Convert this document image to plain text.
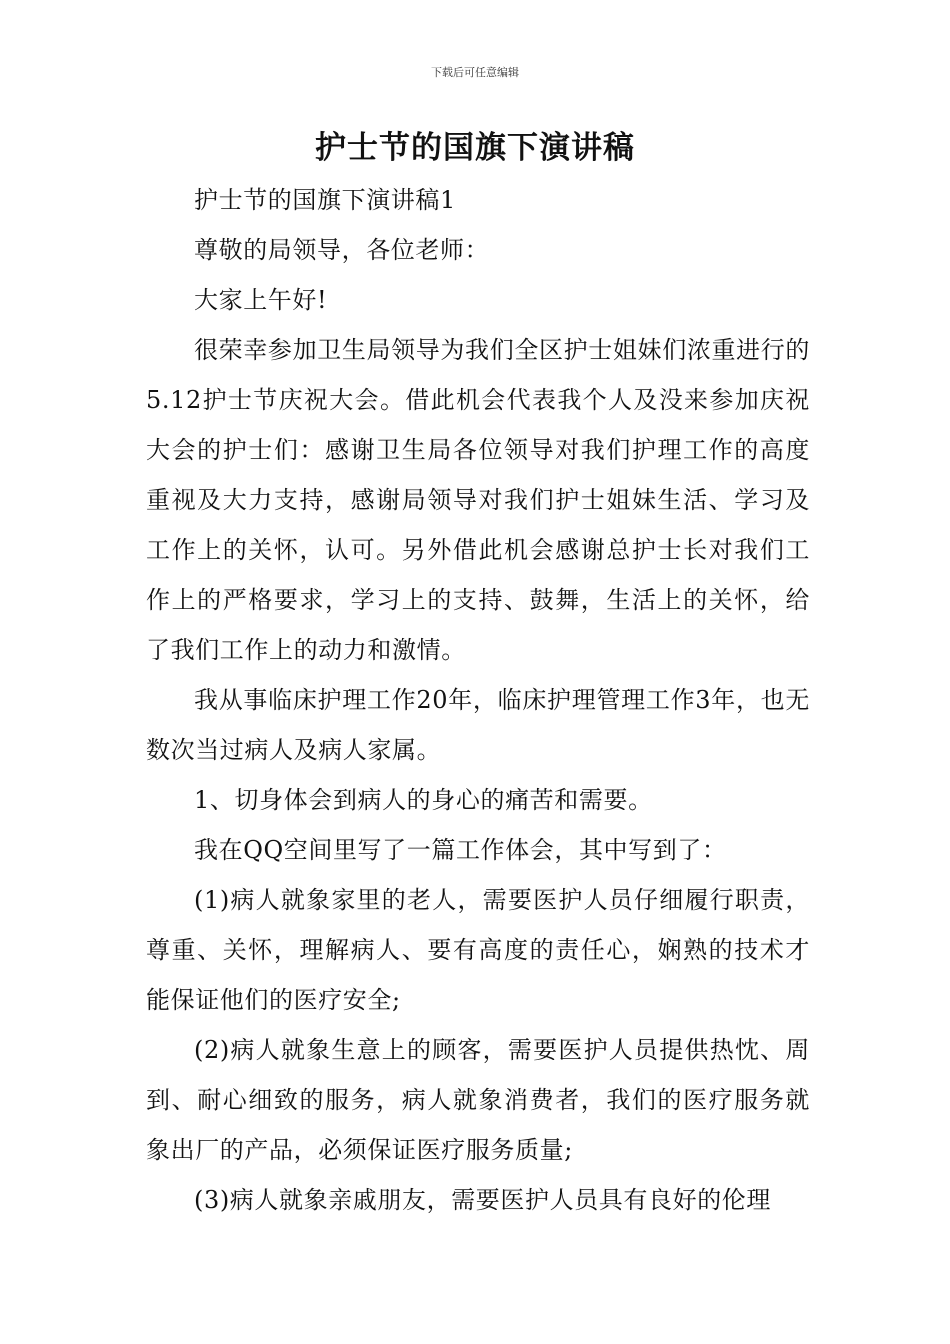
下载后可任意编辑
护士节的国旗下演讲稿

护士节的国旗下演讲稿1

尊敬的局领导，各位老师：

大家上午好!

很荣幸参加卫生局领导为我们全区护士姐妹们浓重进行的5.12护士节庆祝大会。借此机会代表我个人及没来参加庆祝大会的护士们：感谢卫生局各位领导对我们护理工作的高度重视及大力支持，感谢局领导对我们护士姐妹生活、学习及工作上的关怀，认可。另外借此机会感谢总护士长对我们工作上的严格要求，学习上的支持、鼓舞，生活上的关怀，给了我们工作上的动力和激情。

我从事临床护理工作20年，临床护理管理工作3年，也无数次当过病人及病人家属。

1、切身体会到病人的身心的痛苦和需要。

我在QQ空间里写了一篇工作体会，其中写到了：

(1)病人就象家里的老人，需要医护人员仔细履行职责，尊重、关怀，理解病人、要有高度的责任心，娴熟的技术才能保证他们的医疗安全;

(2)病人就象生意上的顾客，需要医护人员提供热忱、周到、耐心细致的服务，病人就象消费者，我们的医疗服务就象出厂的产品，必须保证医疗服务质量;

(3)病人就象亲戚朋友，需要医护人员具有良好的伦理
